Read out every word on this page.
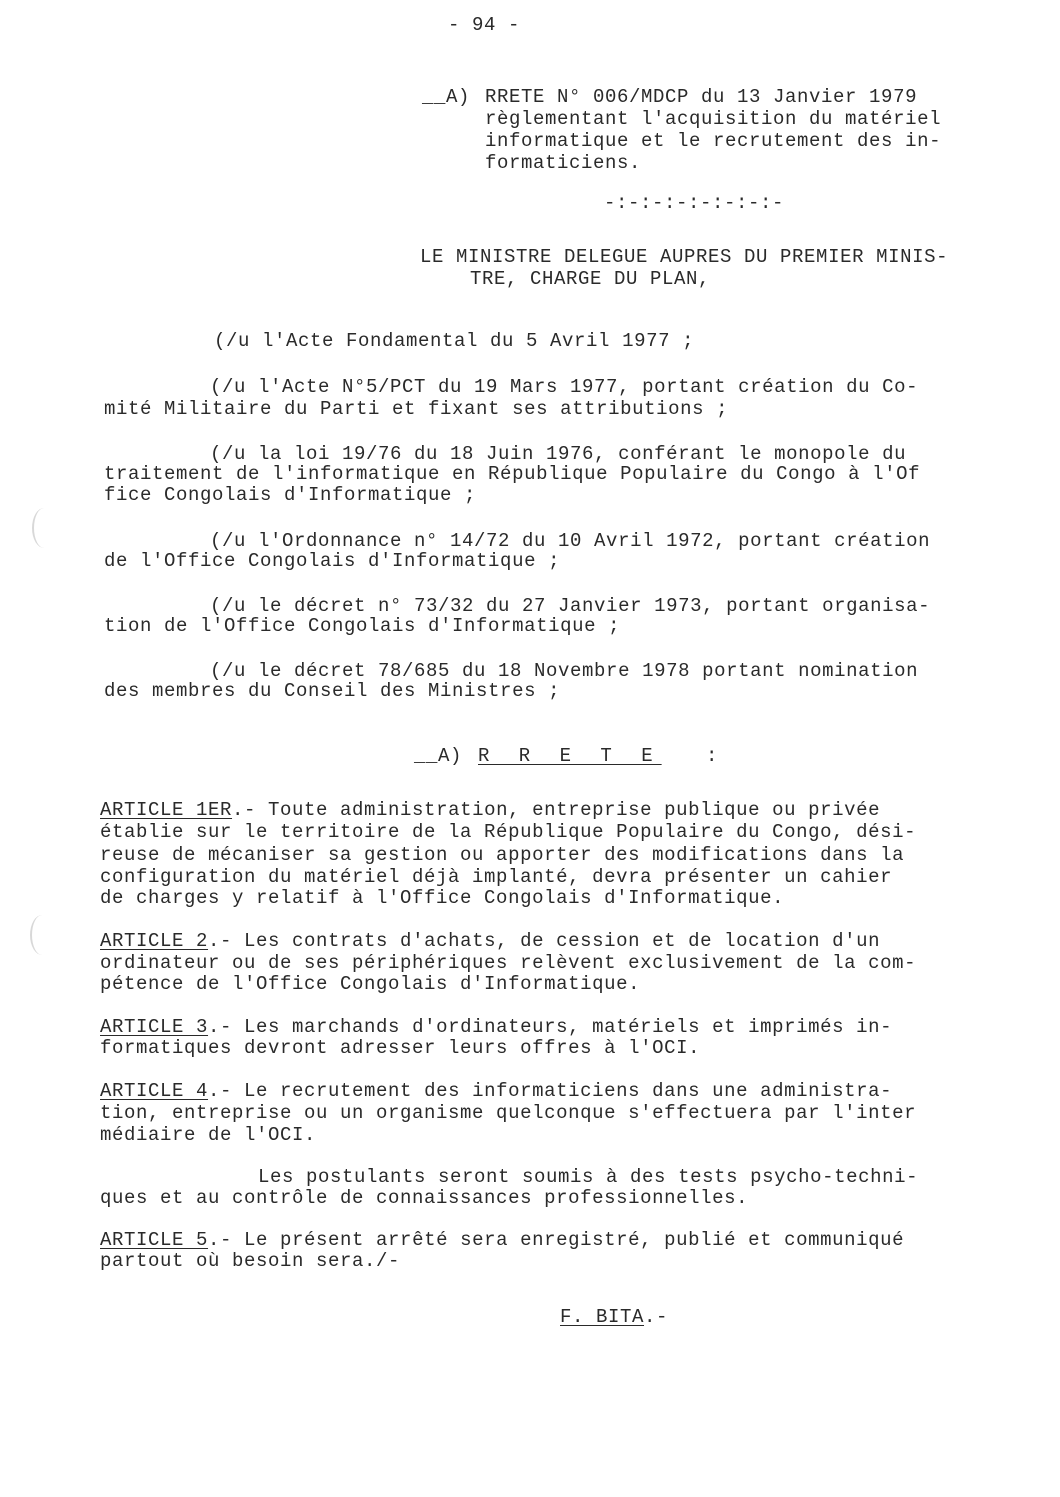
- 94 -
__A) RRETE N° 006/MDCP du 13 Janvier 1979
règlementant l'acquisition du matériel
informatique et le recrutement des in-
formaticiens.
-:-:-:-:-:-:-:-
LE MINISTRE DELEGUE AUPRES DU PREMIER MINIS-
TRE, CHARGE DU PLAN,
(/u l'Acte Fondamental du 5 Avril 1977 ;
(/u l'Acte N°5/PCT du 19 Mars 1977, portant création du Co-
mité Militaire du Parti et fixant ses attributions ;
(/u la loi 19/76 du 18 Juin 1976, conférant le monopole du
traitement de l'informatique en République Populaire du Congo à l'Of
fice Congolais d'Informatique ;
(/u l'Ordonnance n° 14/72 du 10 Avril 1972, portant création
de l'Office Congolais d'Informatique ;
(/u le décret n° 73/32 du 27 Janvier 1973, portant organisa-
tion de l'Office Congolais d'Informatique ;
(/u le décret 78/685 du 18 Novembre 1978 portant nomination
des membres du Conseil des Ministres ;
__A) R R E T E :
ARTICLE 1ER.- Toute administration, entreprise publique ou privée
établie sur le territoire de la République Populaire du Congo, dési-
reuse de mécaniser sa gestion ou apporter des modifications dans la
configuration du matériel déjà implanté, devra présenter un cahier
de charges y relatif à l'Office Congolais d'Informatique.
ARTICLE 2.- Les contrats d'achats, de cession et de location d'un
ordinateur ou de ses périphériques relèvent exclusivement de la com-
pétence de l'Office Congolais d'Informatique.
ARTICLE 3.- Les marchands d'ordinateurs, matériels et imprimés in-
formatiques devront adresser leurs offres à l'OCI.
ARTICLE 4.- Le recrutement des informaticiens dans une administra-
tion, entreprise ou un organisme quelconque s'effectuera par l'inter
médiaire de l'OCI.
Les postulants seront soumis à des tests psycho-techni-
ques et au contrôle de connaissances professionnelles.
ARTICLE 5.- Le présent arrêté sera enregistré, publié et communiqué
partout où besoin sera./-
F. BITA.-
